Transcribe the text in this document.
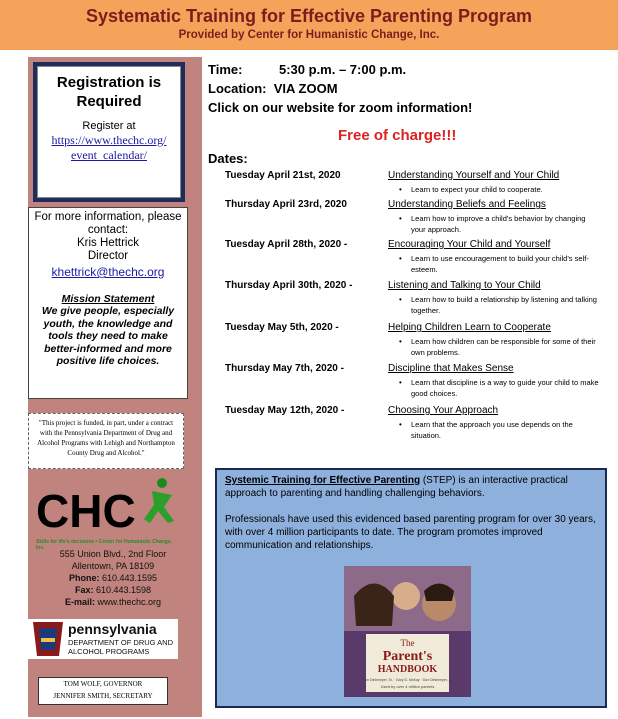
Systematic Training for Effective Parenting Program
Provided by Center for Humanistic Change, Inc.
Registration is Required
Register at
https://www.thechc.org/ event_calendar/
For more information, please contact:
Kris Hettrick
Director
khettrick@thechc.org
Mission Statement
We give people, especially youth, the knowledge and tools they need to make better-informed and more positive life choices.
"This project is funded, in part, under a contract with the Pennsylvania Department of Drug and Alcohol Programs with Lehigh and Northampton County Drug and Alcohol."
CHC
Skills for life's decisions • Center for Humanistic Change, Inc.
555 Union Blvd., 2nd Floor
Allentown, PA 18109
Phone: 610.443.1595
Fax: 610.443.1598
E-mail: www.thechc.org
pennsylvania
DEPARTMENT OF DRUG AND ALCOHOL PROGRAMS
TOM WOLF, GOVERNOR
JENNIFER SMITH, SECRETARY
Time:	5:30 p.m. – 7:00 p.m.
Location: VIA ZOOM
Click on our website for zoom information!
Free of charge!!!
Dates:
Tuesday April 21st, 2020	Understanding Yourself and Your Child
• Learn to expect your child to cooperate.
Thursday April 23rd, 2020	Understanding Beliefs and Feelings
• Learn how to improve a child's behavior by changing your approach.
Tuesday April 28th, 2020 -	Encouraging Your Child and Yourself
• Learn to use encouragement to build your child's self-esteem.
Thursday April 30th, 2020 -	Listening and Talking to Your Child
• Learn how to build a relationship by listening and talking together.
Tuesday May 5th, 2020 -	Helping Children Learn to Cooperate
• Learn how children can be responsible for some of their own problems.
Thursday May 7th, 2020 -	Discipline that Makes Sense
• Learn that discipline is a way to guide your child to make good choices.
Tuesday May 12th, 2020 -	Choosing Your Approach
• Learn that the approach you use depends on the situation.
Systemic Training for Effective Parenting (STEP) is an interactive practical approach to parenting and handling challenging behaviors.
Professionals have used this evidenced based parenting program for over 30 years, with over 4 million participants to date. The program promotes improved communication and relationships.
The
Parent's
HANDBOOK
Don Dinkmeyer, Sr. · Gary D. McKay · Don Dinkmeyer, Jr.
Used by over 4 million parents
